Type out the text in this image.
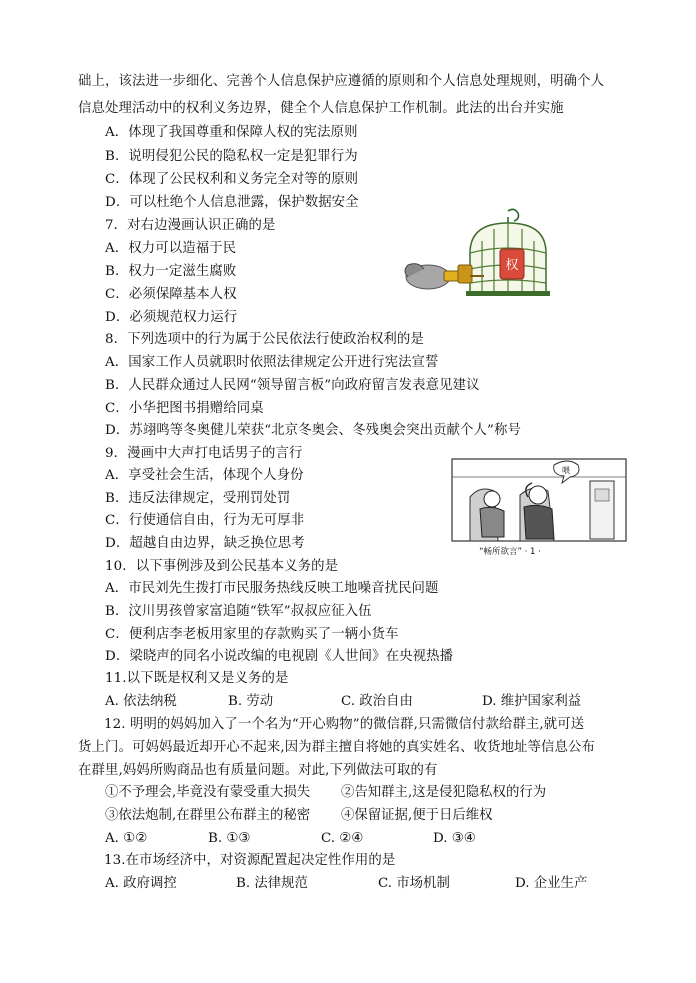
础上，该法进一步细化、完善个人信息保护应遵循的原则和个人信息处理规则，明确个人
信息处理活动中的权利义务边界，健全个人信息保护工作机制。此法的出台并实施
A．体现了我国尊重和保障人权的宪法原则
B．说明侵犯公民的隐私权一定是犯罪行为
C．体现了公民权利和义务完全对等的原则
D．可以杜绝个人信息泄露，保护数据安全
7．对右边漫画认识正确的是
A．权力可以造福于民
B．权力一定滋生腐败
C．必须保障基本人权
D．必须规范权力运行
8．下列选项中的行为属于公民依法行使政治权利的是
A．国家工作人员就职时依照法律规定公开进行宪法宣誓
B．人民群众通过人民网“领导留言板”向政府留言发表意见建议
C．小华把图书捐赠给同桌
D．苏翊鸣等冬奥健儿荣获“北京冬奥会、冬残奥会突出贡献个人”称号
9．漫画中大声打电话男子的言行
A．享受社会生活，体现个人身份
B．违反法律规定，受刑罚处罚
C．行使通信自由，行为无可厚非
D．超越自由边界，缺乏换位思考
10．以下事例涉及到公民基本义务的是
A．市民刘先生拨打市民服务热线反映工地噪音扰民问题
B．汶川男孩曾家富追随“铁军”叔叔应征入伍
C．便利店李老板用家里的存款购买了一辆小货车
D．梁晓声的同名小说改编的电视剧《人世间》在央视热播
11.以下既是权利又是义务的是
A. 依法纳税	B. 劳动	C. 政治自由	D. 维护国家利益
12. 明明的妈妈加入了一个名为“开心购物”的微信群,只需微信付款给群主,就可送
货上门。可妈妈最近却开心不起来,因为群主擅自将她的真实姓名、收货地址等信息公布
在群里,妈妈所购商品也有质量问题。对此,下列做法可取的有
①不予理会,毕竟没有蒙受重大损失 ②告知群主,这是侵犯隐私权的行为
③依法炮制,在群里公布群主的秘密 ④保留证据,便于日后维权
A. ①②	B. ①③	C. ②④	D. ③④
13.在市场经济中，对资源配置起决定性作用的是
A. 政府调控	B. 法律规范	C. 市场机制	D. 企业生产
权
喂
“畅所欲言” · 1 ·
